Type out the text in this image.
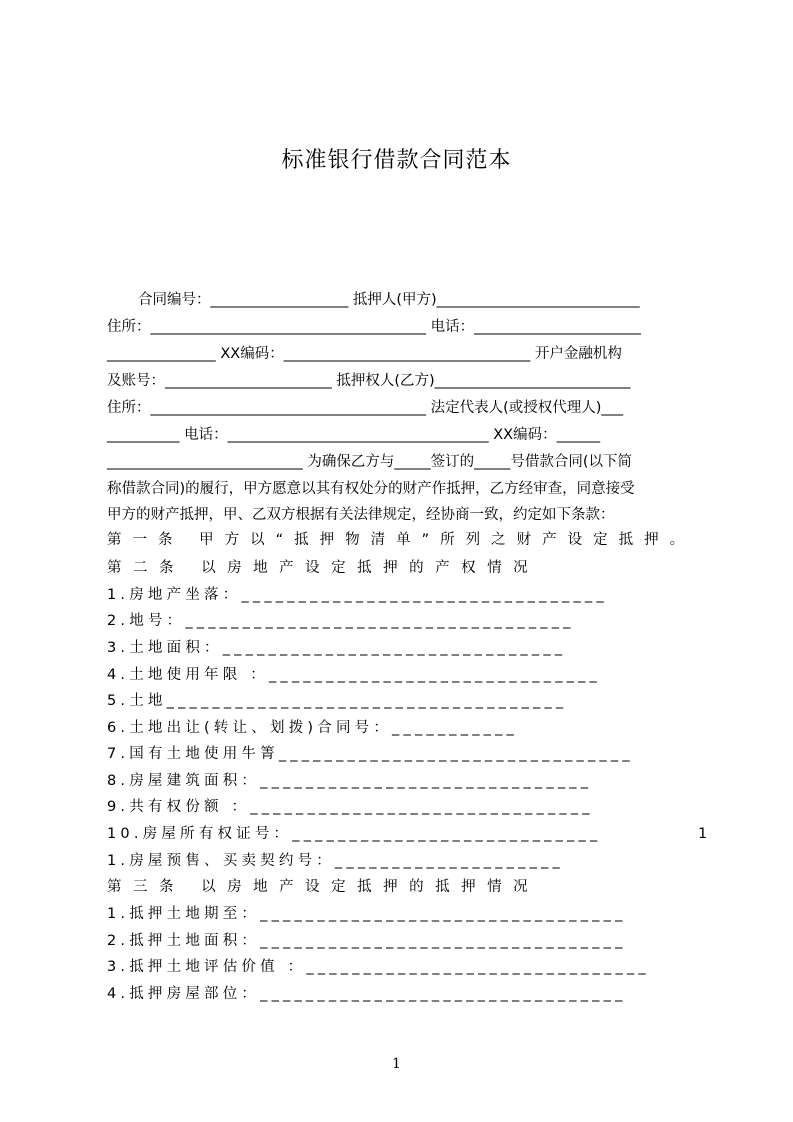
标准银行借款合同范本
合同编号：___________________ 抵押人(甲方)____________________________
住所：______________________________________ 电话：_______________________
_______________ XX编码：__________________________________ 开户金融机构
及账号：_______________________ 抵押权人(乙方)___________________________
住所：______________________________________ 法定代表人(或授权代理人)___
__________ 电话：____________________________________ XX编码：______
___________________________ 为确保乙方与_____签订的_____号借款合同(以下简
称借款合同)的履行，甲方愿意以其有权处分的财产作抵押，乙方经审查，同意接受
甲方的财产抵押，甲、乙双方根据有关法律规定，经协商一致，约定如下条款：
第一条 甲方以“抵押物清单”所列之财产设定抵押。
第二条 以房地产设定抵押的产权情况
1.房地产坐落：________________________________
2.地号：__________________________________
3.土地面积：______________________________
4.土地使用年限 ：_____________________________
5.土地___________________________________
6.土地出让(转让、划拨)合同号：___________
7.国有土地使用牛箐_______________________________
8.房屋建筑面积：_____________________________
9.共有权份额 ：______________________________
10.房屋所有权证号：___________________________	1
1.房屋预售、买卖契约号：____________________
第三条 以房地产设定抵押的抵押情况
1.抵押土地期至：________________________________
2.抵押土地面积：________________________________
3.抵押土地评估价值 ：______________________________
4.抵押房屋部位：________________________________
1
